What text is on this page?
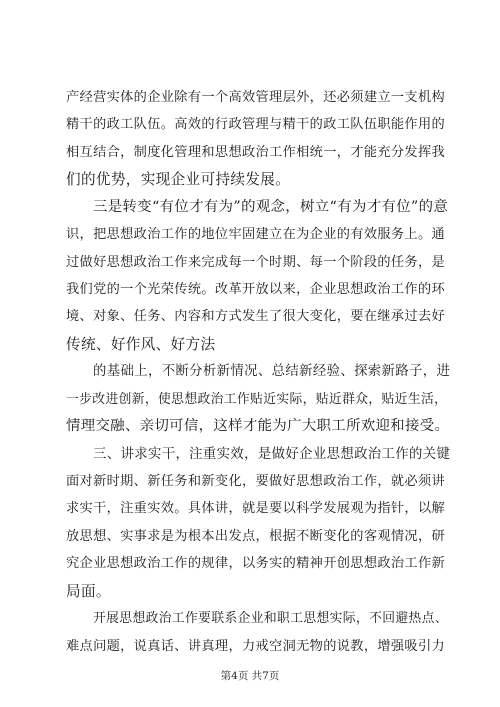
产经营实体的企业除有一个高效管理层外，还必须建立一支机构
精干的政工队伍。高效的行政管理与精干的政工队伍职能作用的
相互结合，制度化管理和思想政治工作相统一，才能充分发挥我
们的优势，实现企业可持续发展。
三是转变“有位才有为”的观念，树立“有为才有位”的意
识，把思想政治工作的地位牢固建立在为企业的有效服务上。通
过做好思想政治工作来完成每一个时期、每一个阶段的任务，是
我们党的一个光荣传统。改革开放以来，企业思想政治工作的环
境、对象、任务、内容和方式发生了很大变化，要在继承过去好
传统、好作风、好方法
的基础上，不断分析新情况、总结新经验、探索新路子，进
一步改进创新，使思想政治工作贴近实际，贴近群众，贴近生活，
情理交融、亲切可信，这样才能为广大职工所欢迎和接受。
三、讲求实干，注重实效，是做好企业思想政治工作的关键
面对新时期、新任务和新变化，要做好思想政治工作，就必须讲
求实干，注重实效。具体讲，就是要以科学发展观为指针，以解
放思想、实事求是为根本出发点，根据不断变化的客观情况，研
究企业思想政治工作的规律，以务实的精神开创思想政治工作新
局面。
开展思想政治工作要联系企业和职工思想实际，不回避热点、
难点问题，说真话、讲真理，力戒空洞无物的说教，增强吸引力
第4页 共7页
